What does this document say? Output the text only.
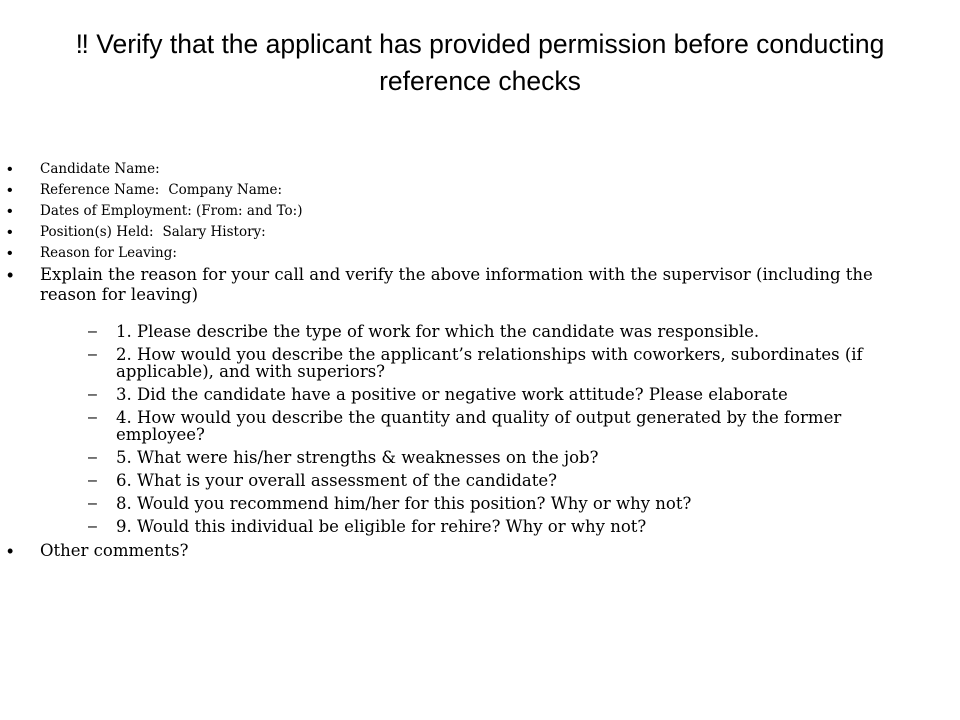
‼ Verify that the applicant has provided permission before conducting reference checks
• Candidate Name:
• Reference Name: Company Name:
• Dates of Employment: (From: and To:)
• Position(s) Held: Salary History:
• Reason for Leaving:
• Explain the reason for your call and verify the above information with the supervisor (including the reason for leaving)
– 1. Please describe the type of work for which the candidate was responsible.
– 2. How would you describe the applicant’s relationships with coworkers, subordinates (if applicable), and with superiors?
– 3. Did the candidate have a positive or negative work attitude? Please elaborate
– 4. How would you describe the quantity and quality of output generated by the former employee?
– 5. What were his/her strengths & weaknesses on the job?
– 6. What is your overall assessment of the candidate?
– 8. Would you recommend him/her for this position? Why or why not?
– 9. Would this individual be eligible for rehire? Why or why not?
• Other comments?
